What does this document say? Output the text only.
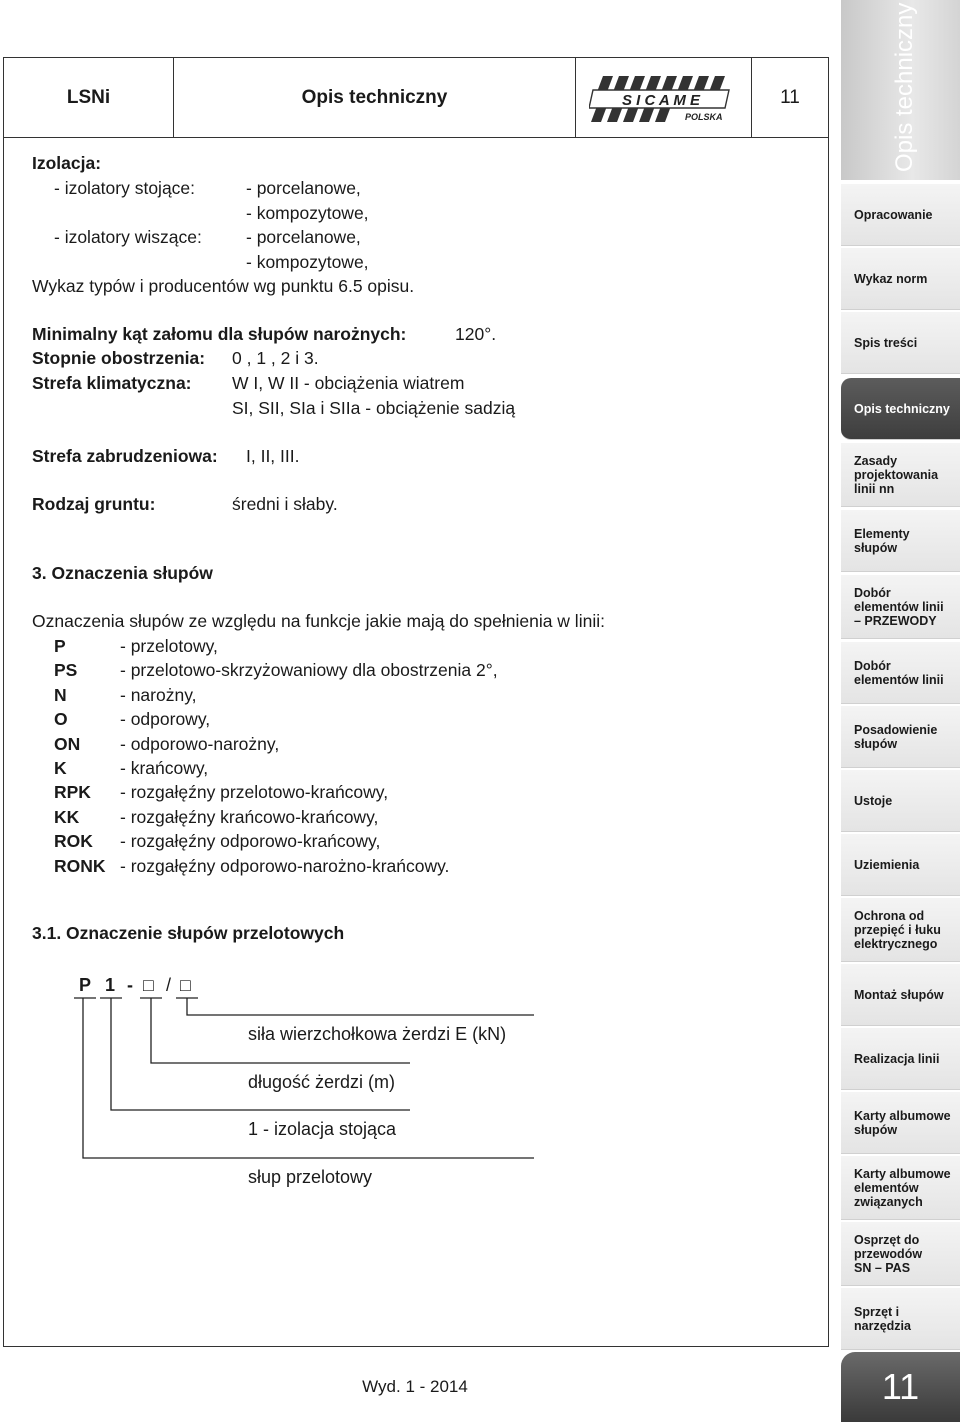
Opis techniczny
Opracowanie
Wykaz norm
Spis treści
Opis techniczny
Zasady projektowania linii nn
Elementy słupów
Dobór elementów linii – PRZEWODY
Dobór elementów linii
Posadowienie słupów
Ustoje
Uziemienia
Ochrona od przepięć i łuku elektrycznego
Montaż słupów
Realizacja linii
Karty albumowe słupów
Karty albumowe elementów związanych
Osprzęt do przewodów SN – PAS
Sprzęt i narzędzia
11
LSNi	Opis techniczny	S I C A M E
POLSKA
11
Izolacja:
- izolatory stojące:	- porcelanowe,
- kompozytowe,
- izolatory wiszące:	- porcelanowe,
- kompozytowe,
Wykaz typów i producentów wg punktu 6.5 opisu.
Minimalny kąt załomu dla słupów narożnych:	120°.
Stopnie obostrzenia: 0 , 1 , 2 i 3.
Strefa klimatyczna: W I, W II - obciążenia wiatrem
SI, SII, SIa i SIIa - obciążenie sadzią
Strefa zabrudzeniowa: I, II, III.
Rodzaj gruntu:	średni i słaby.
3. Oznaczenia słupów
Oznaczenia słupów ze względu na funkcje jakie mają do spełnienia w linii:
P	- przelotowy,
PS - przelotowo-skrzyżowaniowy dla obostrzenia 2°,
N	- narożny,
O	- odporowy,
ON - odporowo-narożny,
K	- krańcowy,
RPK - rozgałęźny przelotowo-krańcowy,
KK - rozgałęźny krańcowo-krańcowy,
ROK - rozgałęźny odporowo-krańcowy,
RONK - rozgałęźny odporowo-narożno-krańcowy.
3.1. Oznaczenie słupów przelotowych
P 1 - □ / □
siła wierzchołkowa żerdzi E (kN)
długość żerdzi (m)
1 - izolacja stojąca
słup przelotowy
Wyd. 1 - 2014
